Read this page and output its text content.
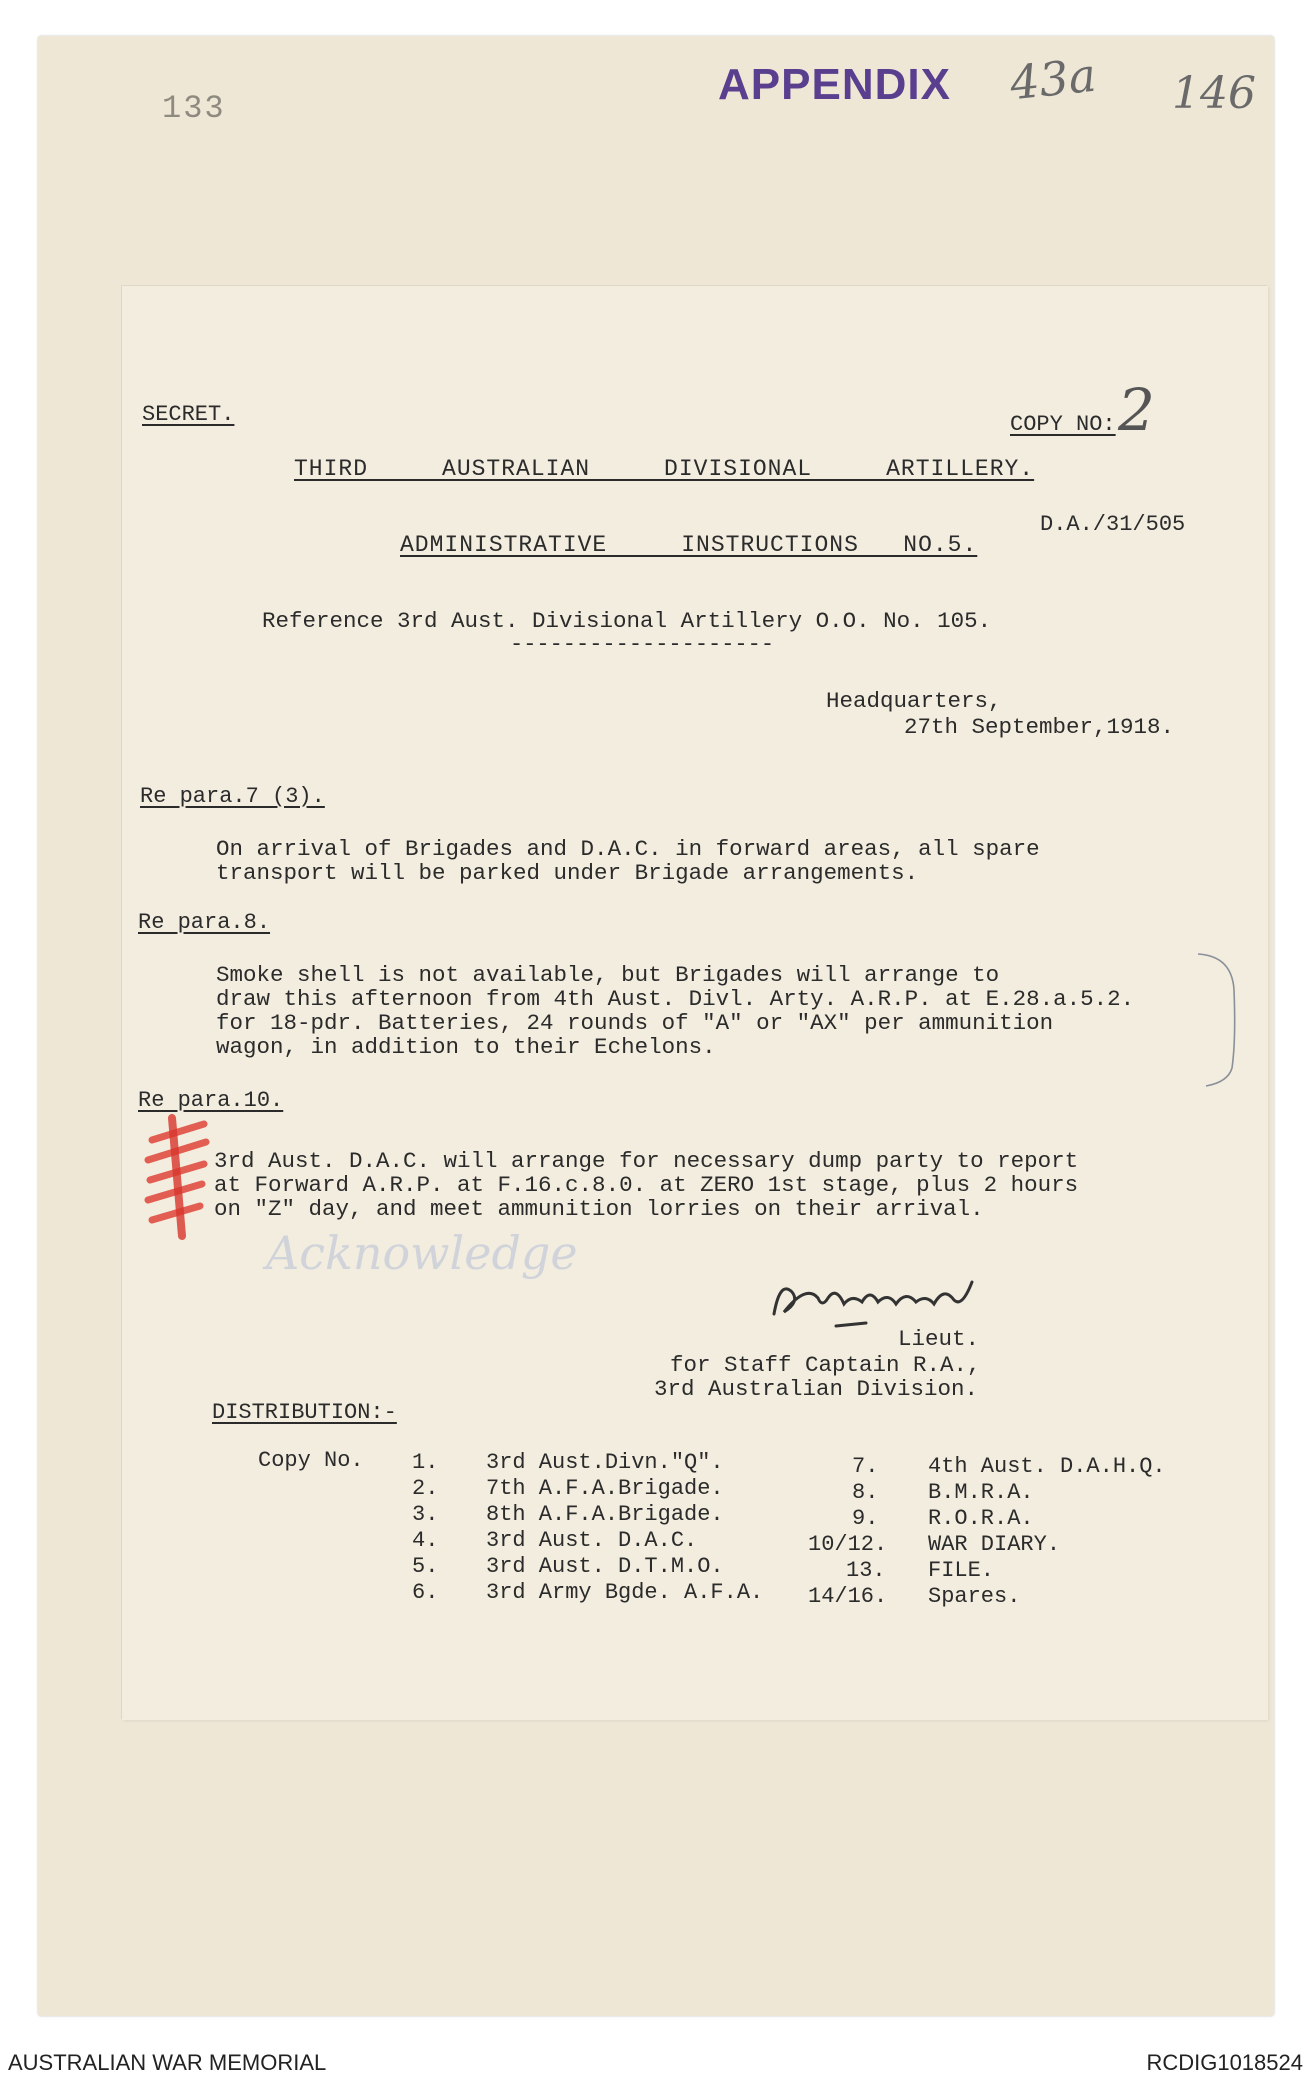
133	APPENDIX 43a 146
SECRET.	COPY NO: 2
THIRD     AUSTRALIAN     DIVISIONAL     ARTILLERY.
D.A./31/505
ADMINISTRATIVE     INSTRUCTIONS   NO.5.
Reference 3rd Aust. Divisional Artillery O.O. No. 105.
--------------------
Headquarters,
27th September,1918.
Re para.7 (3).
On arrival of Brigades and D.A.C. in forward areas, all spare
transport will be parked under Brigade arrangements.
Re para.8.
Smoke shell is not available, but Brigades will arrange to
draw this afternoon from 4th Aust. Divl. Arty. A.R.P. at E.28.a.5.2.
for 18-pdr. Batteries, 24 rounds of "A" or "AX" per ammunition
wagon, in addition to their Echelons.
Re para.10.
3rd Aust. D.A.C. will arrange for necessary dump party to report
at Forward A.R.P. at F.16.c.8.0. at ZERO 1st stage, plus 2 hours
on "Z" day, and meet ammunition lorries on their arrival.
Acknowledge
Lieut.
for Staff Captain R.A.,
3rd Australian Division.
DISTRIBUTION:-
Copy No. 1. 3rd Aust.Divn."Q".
2. 7th A.F.A.Brigade.
3. 8th A.F.A.Brigade.
4. 3rd Aust. D.A.C.
5. 3rd Aust. D.T.M.O.
6. 3rd Army Bgde. A.F.A.
7. 4th Aust. D.A.H.Q.
8. B.M.R.A.
9. R.O.R.A.
10/12. WAR DIARY.
13. FILE.
14/16. Spares.
AUSTRALIAN WAR MEMORIAL	RCDIG1018524
